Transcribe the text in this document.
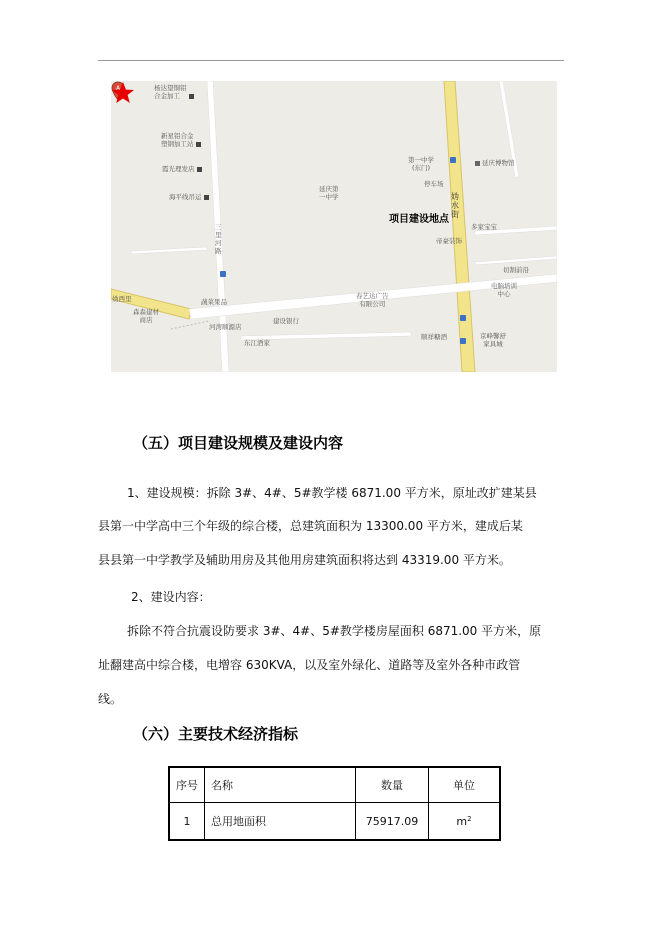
杨达望铜铝
合金加工
新星铝合金
塑钢加工站
霞光理发店
海平线吊运
三里河路
延庆第
一中学
第一中学
(东门)
延庆博物馆
停车场
妫
水
街
多家宝宝
帝豪装饰
切割前沿
电脑培训
中心
妫西里
森森建材
商店
蔬菜果品
河湾顺源店
建设银行
春艺达广告
有限公司
东江酒家
顺祥糖酒	京峰馨舒
家具城
A
项目建设地点
（五）项目建设规模及建设内容
1、建设规模：拆除 3#、4#、5#教学楼 6871.00 平方米，原址改扩建某县
县第一中学高中三个年级的综合楼，总建筑面积为 13300.00 平方米，建成后某
县县第一中学教学及辅助用房及其他用房建筑面积将达到 43319.00 平方米。
2、建设内容：
拆除不符合抗震设防要求 3#、4#、5#教学楼房屋面积 6871.00 平方米，原
址翻建高中综合楼，电增容 630KVA，以及室外绿化、道路等及室外各种市政管
线。
（六）主要技术经济指标
序号	名称	数量	单位
1	总用地面积	75917.09	$m^2$
